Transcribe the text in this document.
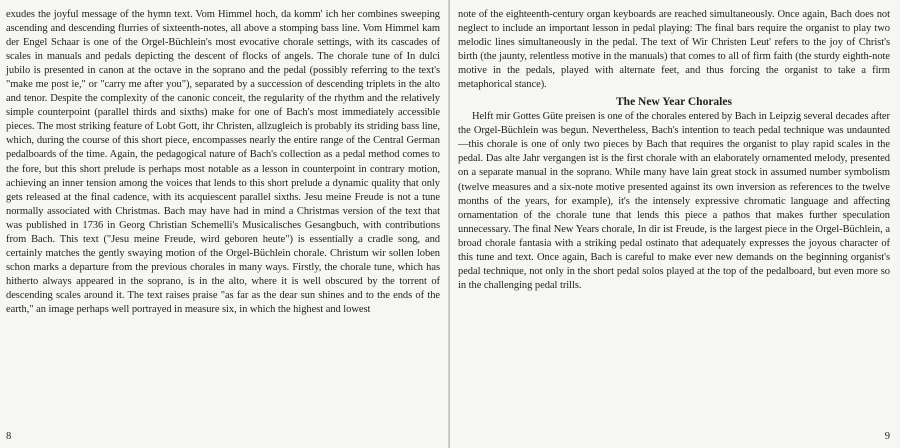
exudes the joyful message of the hymn text. Vom Himmel hoch, da komm' ich her combines sweeping ascending and descending flurries of sixteenth-notes, all above a stomping bass line. Vom Himmel kam der Engel Schaar is one of the Orgel-Büchlein's most evocative chorale settings, with its cascades of scales in manuals and pedals depicting the descent of flocks of angels. The chorale tune of In dulci jubilo is presented in canon at the octave in the soprano and the pedal (possibly referring to the text's "make me post ie," or "carry me after you"), separated by a succession of descending triplets in the alto and tenor. Despite the complexity of the canonic conceit, the regularity of the rhythm and the relatively simple counterpoint (parallel thirds and sixths) make for one of Bach's most immediately accessible pieces. The most striking feature of Lobt Gott, ihr Christen, allzugleich is probably its striding bass line, which, during the course of this short piece, encompasses nearly the entire range of the Central German pedalboards of the time. Again, the pedagogical nature of Bach's collection as a pedal method comes to the fore, but this short prelude is perhaps most notable as a lesson in counterpoint in contrary motion, achieving an inner tension among the voices that lends to this short prelude a dynamic quality that only gets released at the final cadence, with its acquiescent parallel sixths. Jesu meine Freude is not a tune normally associated with Christmas. Bach may have had in mind a Christmas version of the text that was published in 1736 in Georg Christian Schemelli's Musicalisches Gesangbuch, with contributions from Bach. This text ("Jesu meine Freude, wird geboren heute") is essentially a cradle song, and certainly matches the gently swaying motion of the Orgel-Büchlein chorale. Christum wir sollen loben schon marks a departure from the previous chorales in many ways. Firstly, the chorale tune, which has hitherto always appeared in the soprano, is in the alto, where it is well obscured by the torrent of descending scales around it. The text raises praise "as far as the dear sun shines and to the ends of the earth," an image perhaps well portrayed in measure six, in which the highest and lowest

8

note of the eighteenth-century organ keyboards are reached simultaneously. Once again, Bach does not neglect to include an important lesson in pedal playing: The final bars require the organist to play two melodic lines simultaneously in the pedal. The text of Wir Christen Leut' refers to the joy of Christ's birth (the jaunty, relentless motive in the manuals) that comes to all of firm faith (the sturdy eighth-note motive in the pedals, played with alternate feet, and thus forcing the organist to take a firm metaphorical stance).

The New Year Chorales

Helft mir Gottes Güte preisen is one of the chorales entered by Bach in Leipzig several decades after the Orgel-Büchlein was begun. Nevertheless, Bach's intention to teach pedal technique was undaunted—this chorale is one of only two pieces by Bach that requires the organist to play rapid scales in the pedal. Das alte Jahr vergangen ist is the first chorale with an elaborately ornamented melody, presented on a separate manual in the soprano. While many have lain great stock in assumed number symbolism (twelve measures and a six-note motive presented against its own inversion as references to the twelve months of the years, for example), it's the intensely expressive chromatic language and affecting ornamentation of the chorale tune that lends this piece a pathos that makes further speculation unnecessary. The final New Years chorale, In dir ist Freude, is the largest piece in the Orgel-Büchlein, a broad chorale fantasia with a striking pedal ostinato that adequately expresses the joyous character of this tune and text. Once again, Bach is careful to make ever new demands on the beginning organist's pedal technique, not only in the short pedal solos played at the top of the pedalboard, but even more so in the challenging pedal trills.

9
